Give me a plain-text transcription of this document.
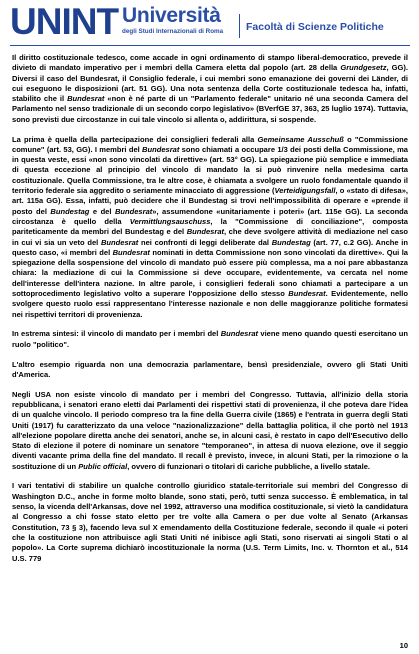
UNINT Università
degli Studi Internazionali di Roma Facoltà di Scienze Politiche

Il diritto costituzionale tedesco, come accade in ogni ordinamento di stampo liberal-democratico, prevede il divieto di mandato imperativo per i membri della Camera eletta dal popolo (art. 28 della Grundgesetz, GG). Diversi il caso del Bundesrat, il Consiglio federale, i cui membri sono emanazione dei governi dei Länder, di cui eseguono le disposizioni (art. 51 GG). Una nota sentenza della Corte costituzionale tedesca ha, infatti, stabilito che il Bundesrat «non è né parte di un "Parlamento federale" unitario né una seconda Camera del Parlamento nel senso tradizionale di un secondo corpo legislativo» (BVerfGE 37, 363, 25 luglio 1974). Tuttavia, sono previsti due circostanze in cui tale vincolo si allenta o, addirittura, si sospende.

La prima è quella della partecipazione dei consiglieri federali alla Gemeinsame Ausschuß o "Commissione comune" (art. 53, GG). I membri del Bundesrat sono chiamati a occupare 1/3 dei posti della Commissione, ma in questa veste, essi «non sono vincolati da direttive» (art. 53° GG). La spiegazione più semplice e immediata di questa eccezione al principio del vincolo di mandato la si può rinvenire nella medesima carta costituzionale. Quella Commissione, tra le altre cose, è chiamata a svolgere un ruolo fondamentale quando il territorio federale sia aggredito o seriamente minacciato di aggressione (Verteidigungsfall, o «stato di difesa», art. 115a GG). Essa, infatti, può decidere che il Bundestag si trovi nell'impossibilità di operare e «prende il posto del Bundestag e del Bundesrat», assumendone «unitariamente i poteri» (art. 115e GG). La seconda circostanza è quello della Vermittlungsauschuss, la "Commissione di conciliazione", composta pariteticamente da membri del Bundestag e del Bundesrat, che deve svolgere attività di mediazione nel caso in cui vi sia un veto del Bundesrat nei confronti di leggi deliberate dal Bundestag (art. 77, c.2 GG). Anche in questo caso, «i membri del Bundesrat nominati in detta Commissione non sono vincolati da direttive». Qui la spiegazione della sospensione del vincolo di mandato può essere più complessa, ma a noi pare abbastanza chiara: la mediazione di cui la Commissione si deve occupare, evidentemente, va cercata nel nome dell'interesse dell'intera nazione. In altre parole, i consiglieri federali sono chiamati a partecipare a un sottoprocedimento legislativo volto a superare l'opposizione dello stesso Bundesrat. Evidentemente, nello svolgere questo ruolo essi rappresentano l'interesse nazionale e non delle maggioranze politiche formatesi nei rispettivi territori di provenienza.

In estrema sintesi: il vincolo di mandato per i membri del Bundesrat viene meno quando questi esercitano un ruolo "politico".

L'altro esempio riguarda non una democrazia parlamentare, bensì presidenziale, ovvero gli Stati Uniti d'America.

Negli USA non esiste vincolo di mandato per i membri del Congresso. Tuttavia, all'inizio della storia repubblicana, i senatori erano eletti dai Parlamenti dei rispettivi stati di provenienza, il che poteva dare l'idea di un qualche vincolo. Il periodo compreso tra la fine della Guerra civile (1865) e l'entrata in guerra degli Stati Uniti (1917) fu caratterizzato da una veloce "nazionalizzazione" della battaglia politica, il che portò nel 1913 all'elezione popolare diretta anche dei senatori, anche se, in alcuni casi, è restato in capo dell'Esecutivo dello Stato di elezione il potere di nominare un senatore "temporaneo", in attesa di nuova elezione, ove il seggio diventi vacante prima della fine del mandato. Il recall è previsto, invece, in alcuni Stati, per la rimozione o la sostituzione di un Public official, ovvero di funzionari o titolari di cariche pubbliche, a livello statale.

I vari tentativi di stabilire un qualche controllo giuridico statale-territoriale sui membri del Congresso di Washington D.C., anche in forme molto blande, sono stati, però, tutti senza successo. È emblematica, in tal senso, la vicenda dell'Arkansas, dove nel 1992, attraverso una modifica costituzionale, si vietò la candidatura al Congresso a chi fosse stato eletto per tre volte alla Camera o per due volte al Senato (Arkansas Constitution, 73 § 3), facendo leva sul X emendamento della Costituzione federale, secondo il quale «i poteri che la costituzione non attribuisce agli Stati Uniti né inibisce agli Stati, sono riservati ai singoli Stati o al popolo». La Corte suprema dichiarò incostituzionale la norma (U.S. Term Limits, Inc. v. Thornton et al., 514 U.S. 779

10
